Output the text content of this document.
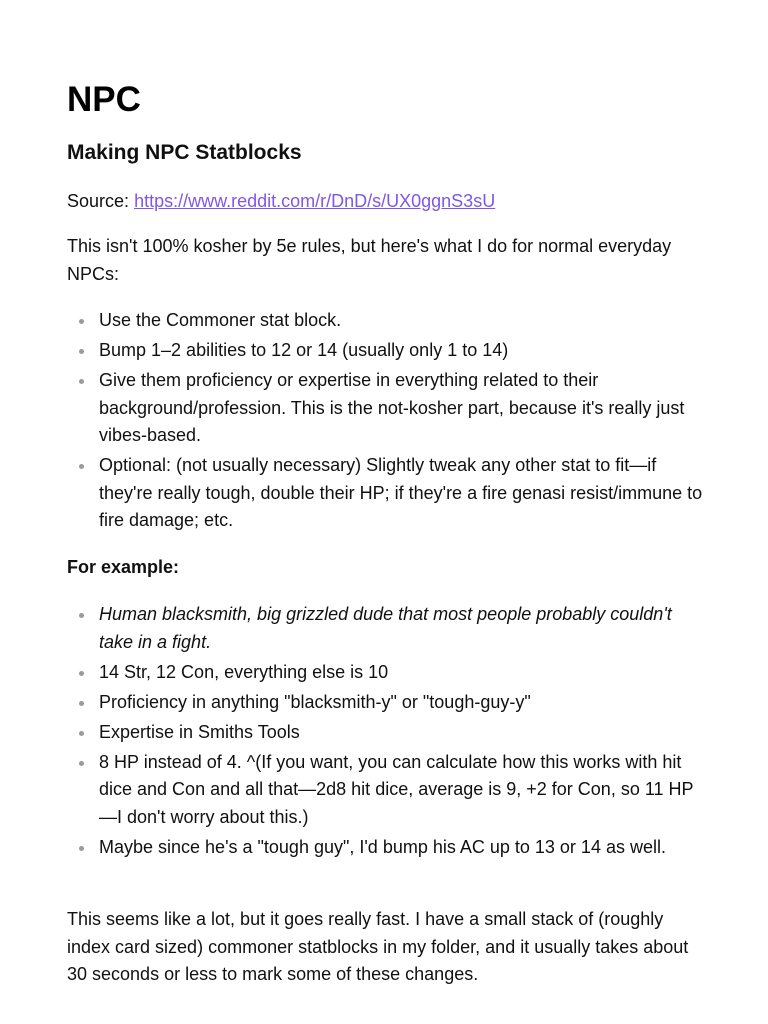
NPC
Making NPC Statblocks

Source: https://www.reddit.com/r/DnD/s/UX0ggnS3sU

This isn't 100% kosher by 5e rules, but here's what I do for normal everyday NPCs:

Use the Commoner stat block.
Bump 1–2 abilities to 12 or 14 (usually only 1 to 14)
Give them proficiency or expertise in everything related to their background/profession. This is the not-kosher part, because it's really just vibes-based.
Optional: (not usually necessary) Slightly tweak any other stat to fit—if they're really tough, double their HP; if they're a fire genasi resist/immune to fire damage; etc.

For example:

Human blacksmith, big grizzled dude that most people probably couldn't take in a fight.
14 Str, 12 Con, everything else is 10
Proficiency in anything "blacksmith-y" or "tough-guy-y"
Expertise in Smiths Tools
8 HP instead of 4. ^(If you want, you can calculate how this works with hit dice and Con and all that—2d8 hit dice, average is 9, +2 for Con, so 11 HP—I don't worry about this.)
Maybe since he's a "tough guy", I'd bump his AC up to 13 or 14 as well.

This seems like a lot, but it goes really fast. I have a small stack of (roughly index card sized) commoner statblocks in my folder, and it usually takes about 30 seconds or less to mark some of these changes.
